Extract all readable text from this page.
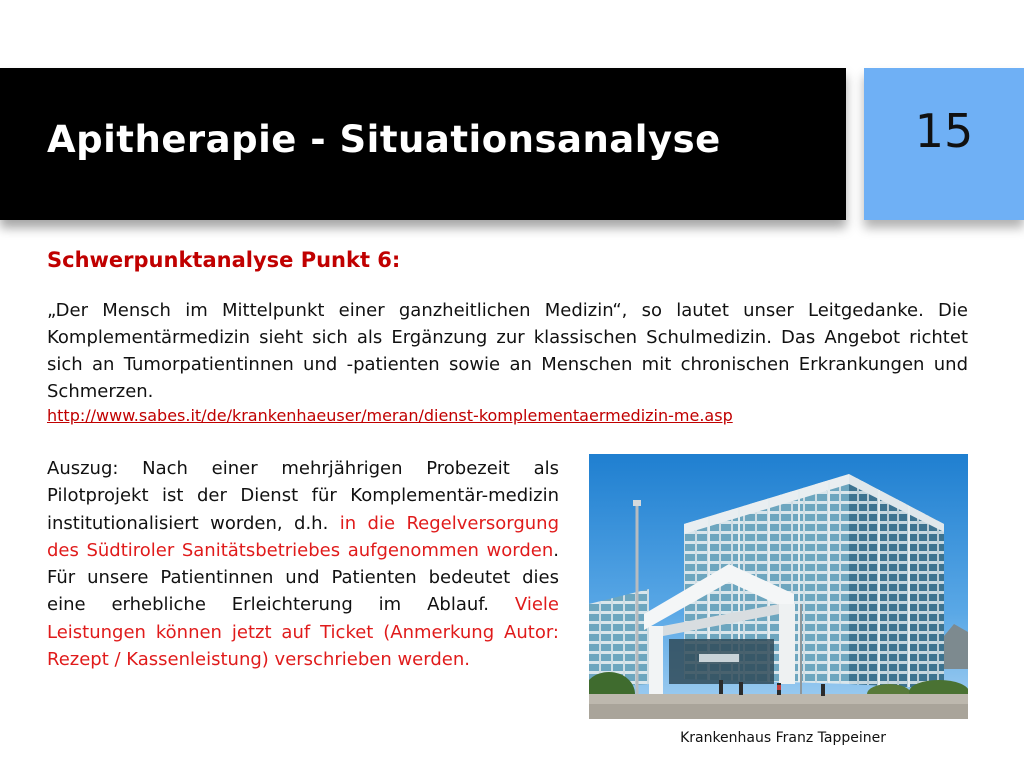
Apitherapie - Situationsanalyse	15
Schwerpunktanalyse Punkt 6:
„Der Mensch im Mittelpunkt einer ganzheitlichen Medizin“, so lautet unser Leitgedanke. Die Komplementärmedizin sieht sich als Ergänzung zur klassischen Schulmedizin. Das Angebot richtet sich an Tumorpatientinnen und -patienten sowie an Menschen mit chronischen Erkrankungen und Schmerzen.
http://www.sabes.it/de/krankenhaeuser/meran/dienst-komplementaermedizin-me.asp
Auszug: Nach einer mehrjährigen Probezeit als Pilotprojekt ist der Dienst für Komplementär-medizin institutionalisiert worden, d.h. in die Regelversorgung des Südtiroler Sanitätsbetriebes aufgenommen worden. Für unsere Patientinnen und Patienten bedeutet dies eine erhebliche Erleichterung im Ablauf. Viele Leistungen können jetzt auf Ticket (Anmerkung Autor: Rezept / Kassenleistung) verschrieben werden.
Krankenhaus Franz Tappeiner
